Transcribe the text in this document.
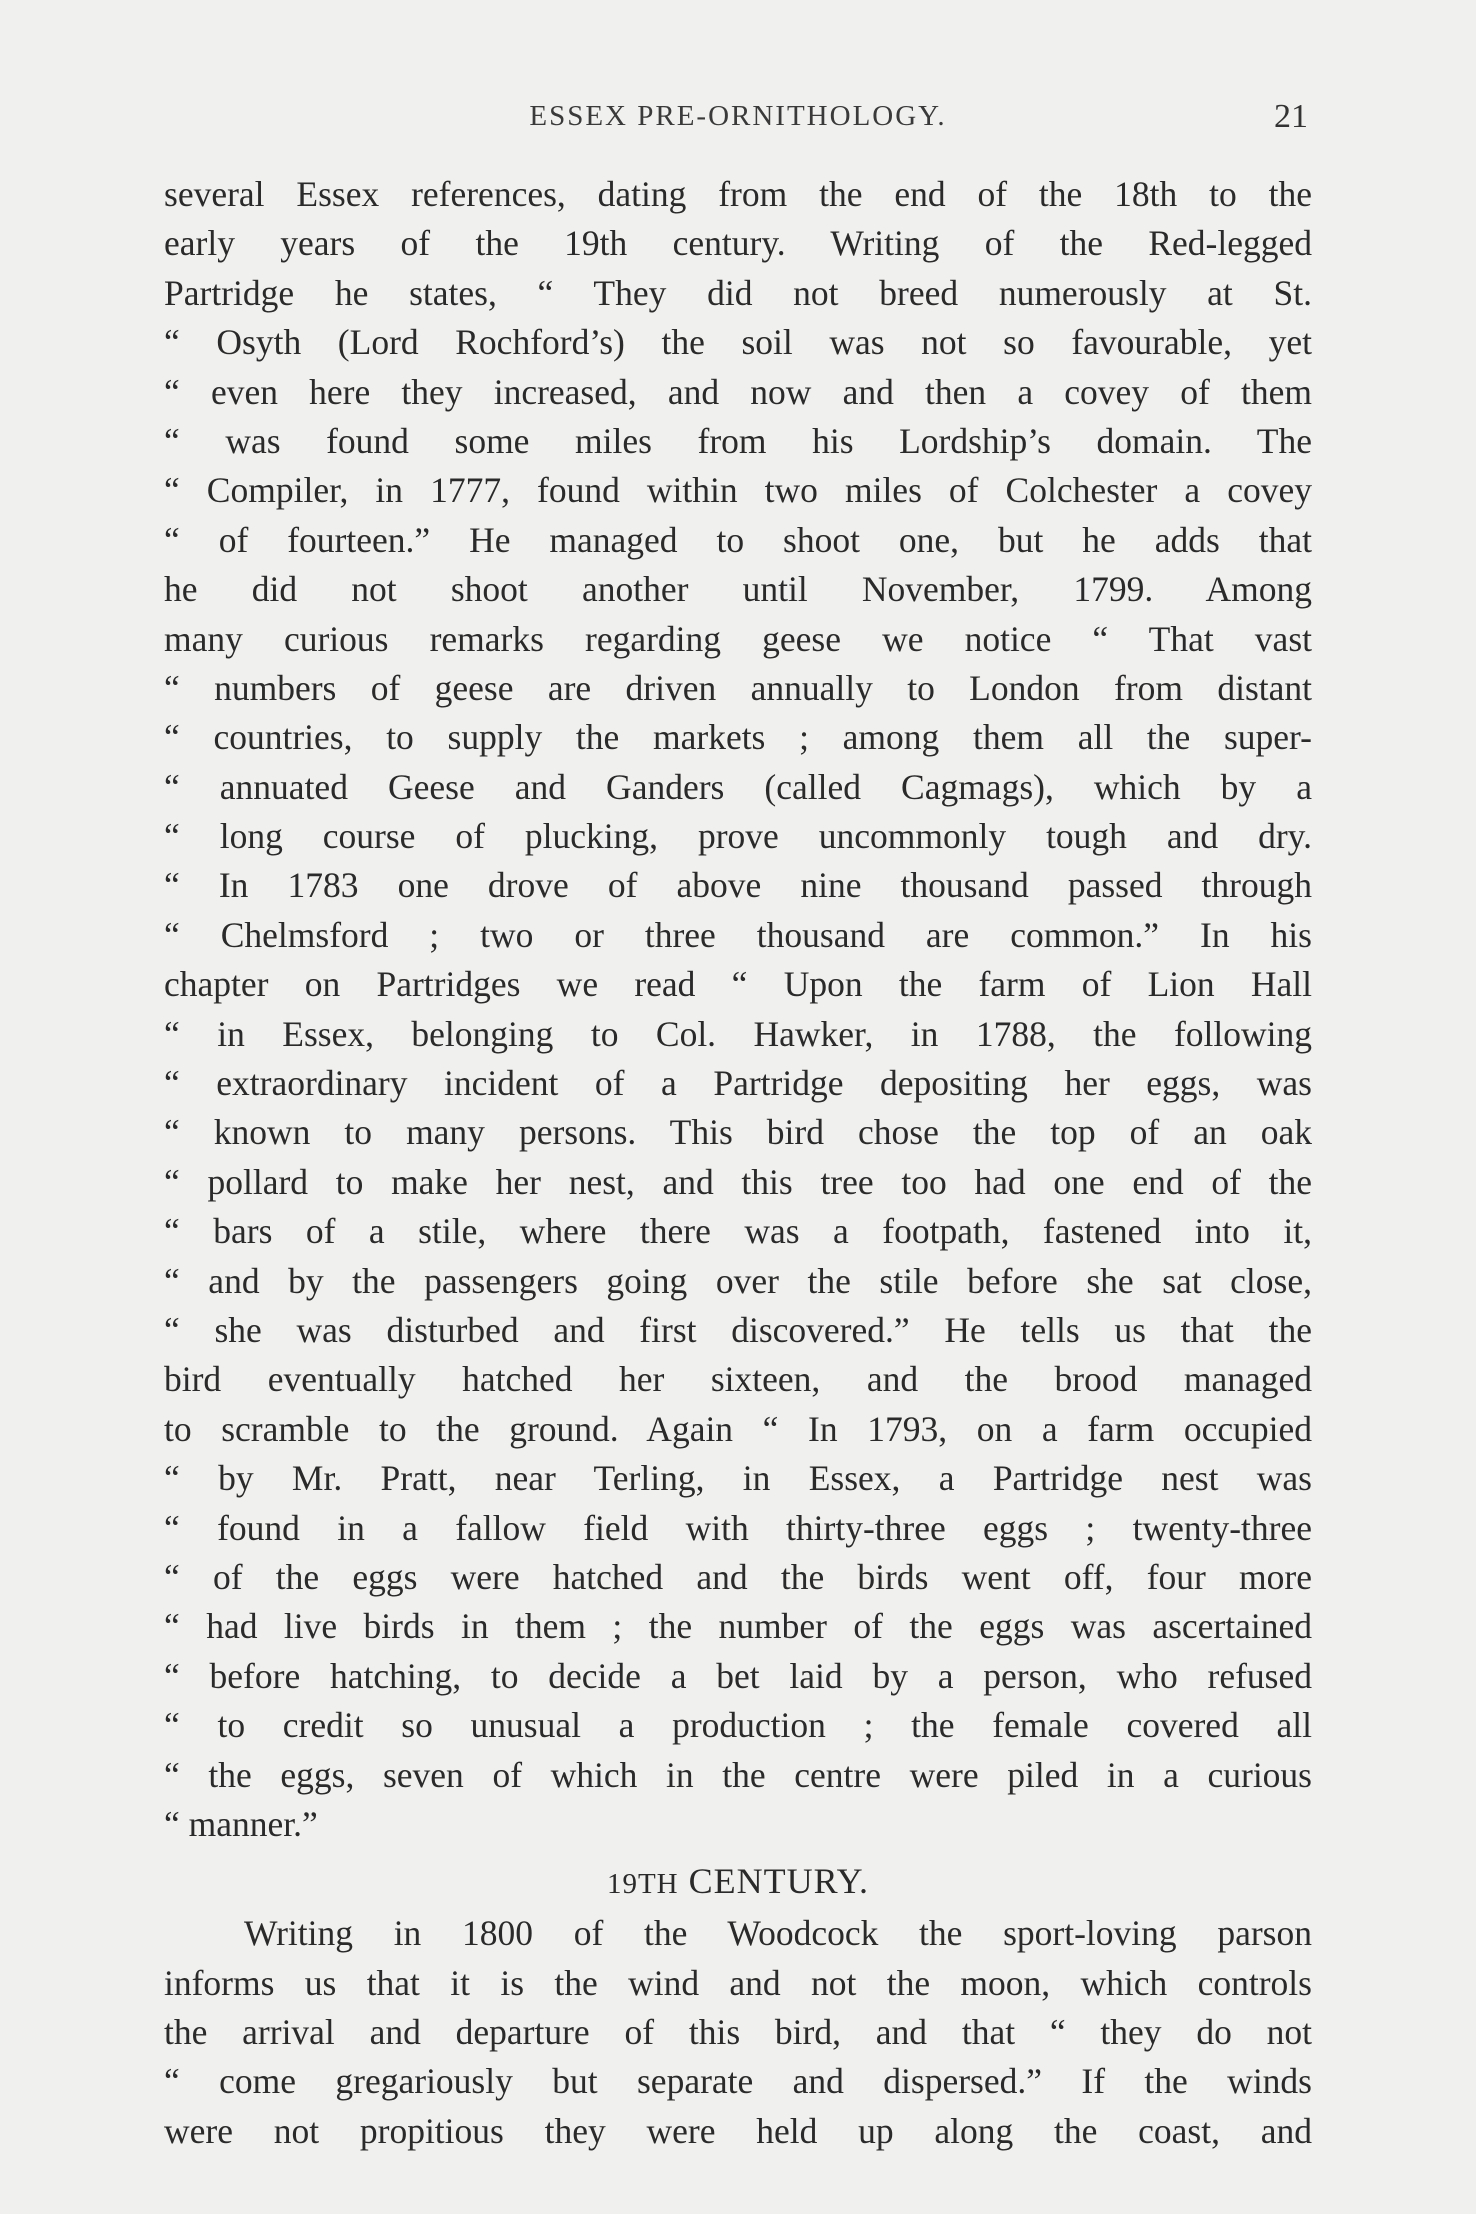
ESSEX PRE-ORNITHOLOGY.	21
several Essex references, dating from the end of the 18th to the
early years of the 19th century. Writing of the Red-legged
Partridge he states, “ They did not breed numerously at St.
“ Osyth (Lord Rochford’s) the soil was not so favourable, yet
“ even here they increased, and now and then a covey of them
“ was found some miles from his Lordship’s domain. The
“ Compiler, in 1777, found within two miles of Colchester a covey
“ of fourteen.” He managed to shoot one, but he adds that
he did not shoot another until November, 1799. Among
many curious remarks regarding geese we notice “ That vast
“ numbers of geese are driven annually to London from distant
“ countries, to supply the markets ; among them all the super-
“ annuated Geese and Ganders (called Cagmags), which by a
“ long course of plucking, prove uncommonly tough and dry.
“ In 1783 one drove of above nine thousand passed through
“ Chelmsford ; two or three thousand are common.” In his
chapter on Partridges we read “ Upon the farm of Lion Hall
“ in Essex, belonging to Col. Hawker, in 1788, the following
“ extraordinary incident of a Partridge depositing her eggs, was
“ known to many persons. This bird chose the top of an oak
“ pollard to make her nest, and this tree too had one end of the
“ bars of a stile, where there was a footpath, fastened into it,
“ and by the passengers going over the stile before she sat close,
“ she was disturbed and first discovered.” He tells us that the
bird eventually hatched her sixteen, and the brood managed
to scramble to the ground. Again “ In 1793, on a farm occupied
“ by Mr. Pratt, near Terling, in Essex, a Partridge nest was
“ found in a fallow field with thirty-three eggs ; twenty-three
“ of the eggs were hatched and the birds went off, four more
“ had live birds in them ; the number of the eggs was ascertained
“ before hatching, to decide a bet laid by a person, who refused
“ to credit so unusual a production ; the female covered all
“ the eggs, seven of which in the centre were piled in a curious
“ manner.”
19TH CENTURY.
Writing in 1800 of the Woodcock the sport-loving parson
informs us that it is the wind and not the moon, which controls
the arrival and departure of this bird, and that “ they do not
“ come gregariously but separate and dispersed.” If the winds
were not propitious they were held up along the coast, and
